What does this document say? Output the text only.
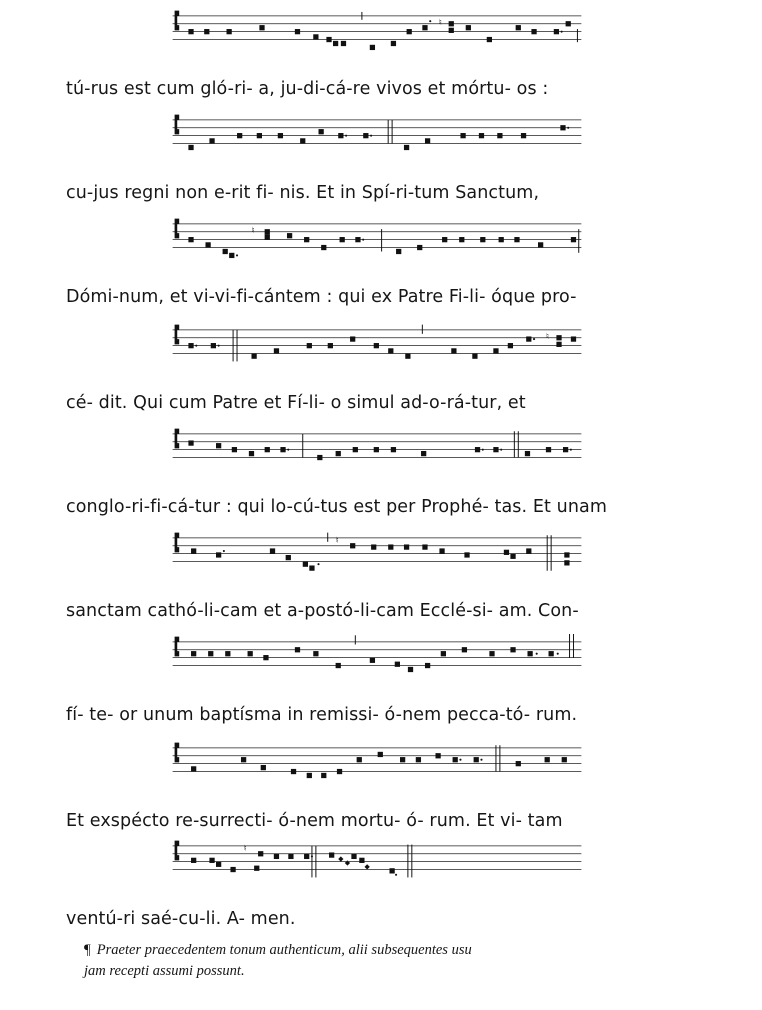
♮
tú-rus est cum gló-ri- a, ju-di-cá-re vivos et mórtu- os :
cu-jus regni non e-rit fi- nis. Et in Spí-ri-tum Sanctum,
♮
Dómi-num, et vi-vi-fi-cántem : qui ex Patre Fi-li- óque pro-
♮
cé- dit. Qui cum Patre et Fí-li- o simul ad-o-rá-tur, et
conglo-ri-fi-cá-tur : qui lo-cú-tus est per Prophé- tas. Et unam
♮
sanctam cathó-li-cam et a-postó-li-cam Ecclé-si- am. Con-
fí- te- or unum baptísma in remissi- ó-nem pecca-tó- rum.
Et exspécto re-surrecti- ó-nem mortu- ó- rum. Et vi- tam
♮
ventú-ri saé-cu-li. A- men.
¶ Praeter praecedentem tonum authenticum, alii subsequentes usu
jam recepti assumi possunt.
